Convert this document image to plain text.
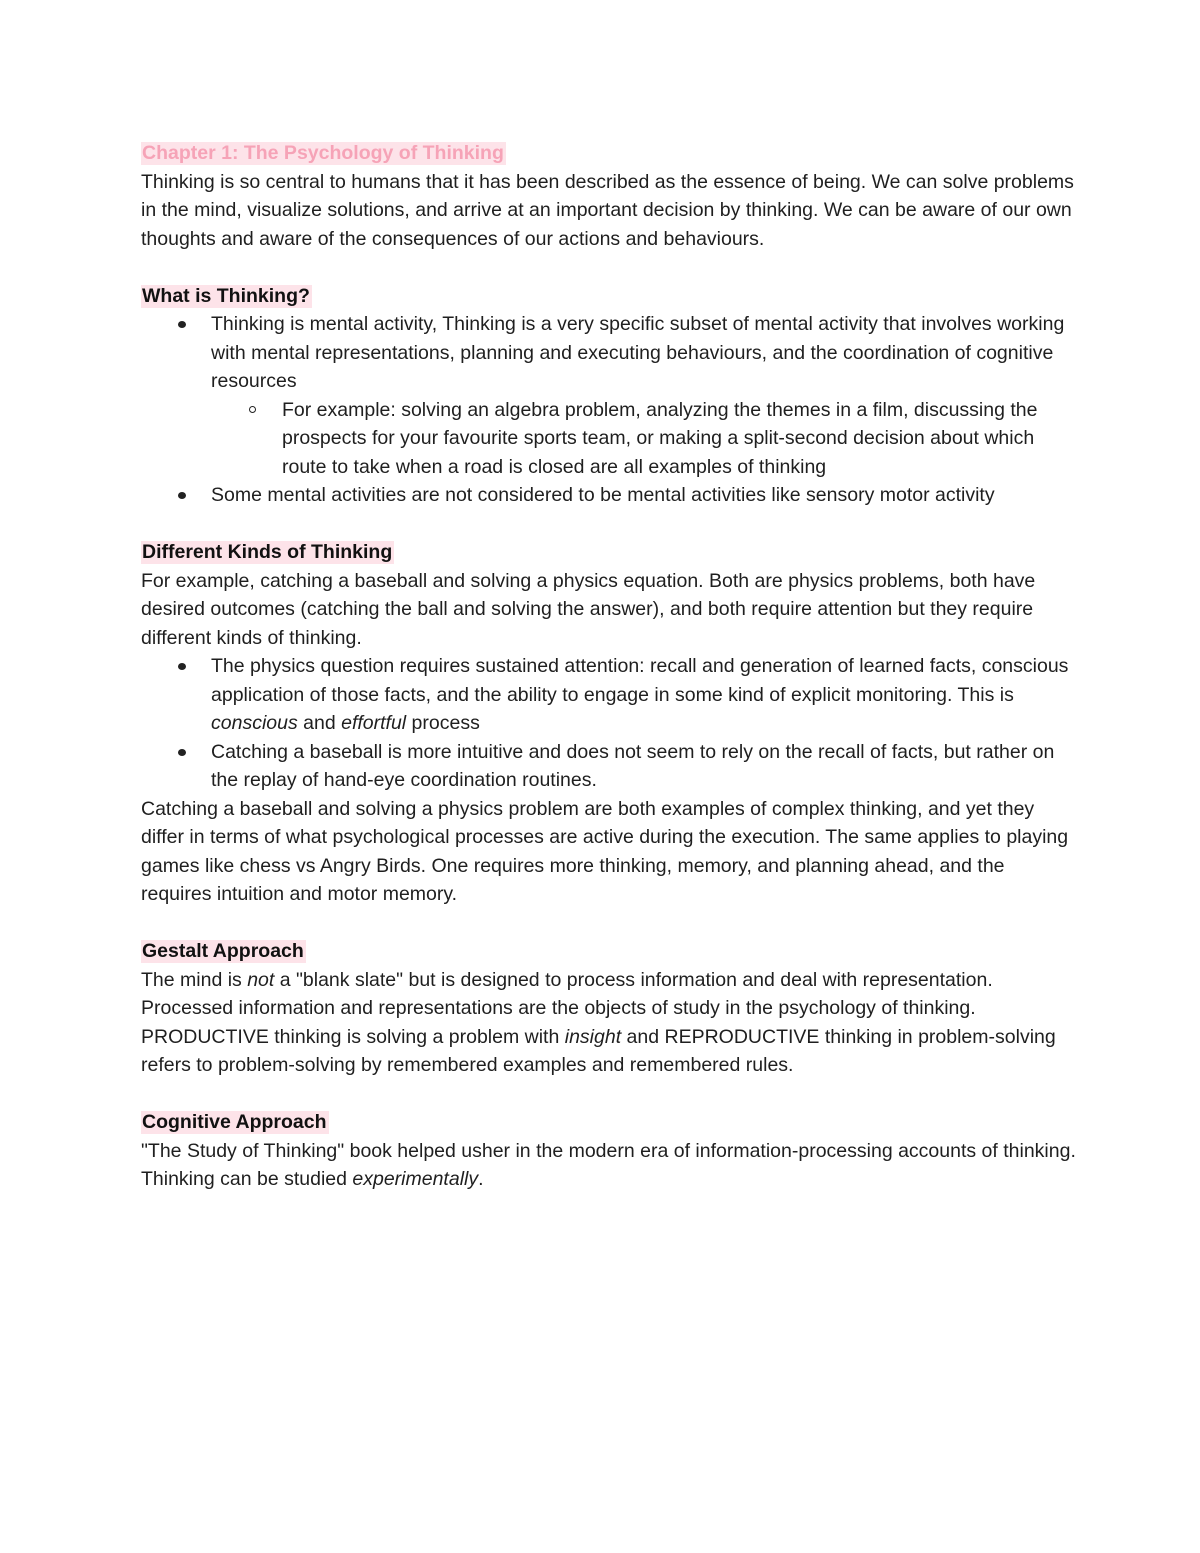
Chapter 1: The Psychology of Thinking

Thinking is so central to humans that it has been described as the essence of being. We can solve problems in the mind, visualize solutions, and arrive at an important decision by thinking. We can be aware of our own thoughts and aware of the consequences of our actions and behaviours.

What is Thinking?

Thinking is mental activity, Thinking is a very specific subset of mental activity that involves working with mental representations, planning and executing behaviours, and the coordination of cognitive resources
For example: solving an algebra problem, analyzing the themes in a film, discussing the prospects for your favourite sports team, or making a split-second decision about which route to take when a road is closed are all examples of thinking
Some mental activities are not considered to be mental activities like sensory motor activity

Different Kinds of Thinking

For example, catching a baseball and solving a physics equation. Both are physics problems, both have desired outcomes (catching the ball and solving the answer), and both require attention but they require different kinds of thinking.

The physics question requires sustained attention: recall and generation of learned facts, conscious application of those facts, and the ability to engage in some kind of explicit monitoring. This is conscious and effortful process
Catching a baseball is more intuitive and does not seem to rely on the recall of facts, but rather on the replay of hand-eye coordination routines.

Catching a baseball and solving a physics problem are both examples of complex thinking, and yet they differ in terms of what psychological processes are active during the execution. The same applies to playing games like chess vs Angry Birds. One requires more thinking, memory, and planning ahead, and the requires intuition and motor memory.

Gestalt Approach

The mind is not a "blank slate" but is designed to process information and deal with representation. Processed information and representations are the objects of study in the psychology of thinking.

PRODUCTIVE thinking is solving a problem with insight and REPRODUCTIVE thinking in problem-solving refers to problem-solving by remembered examples and remembered rules.

Cognitive Approach

"The Study of Thinking" book helped usher in the modern era of information-processing accounts of thinking. Thinking can be studied experimentally.
